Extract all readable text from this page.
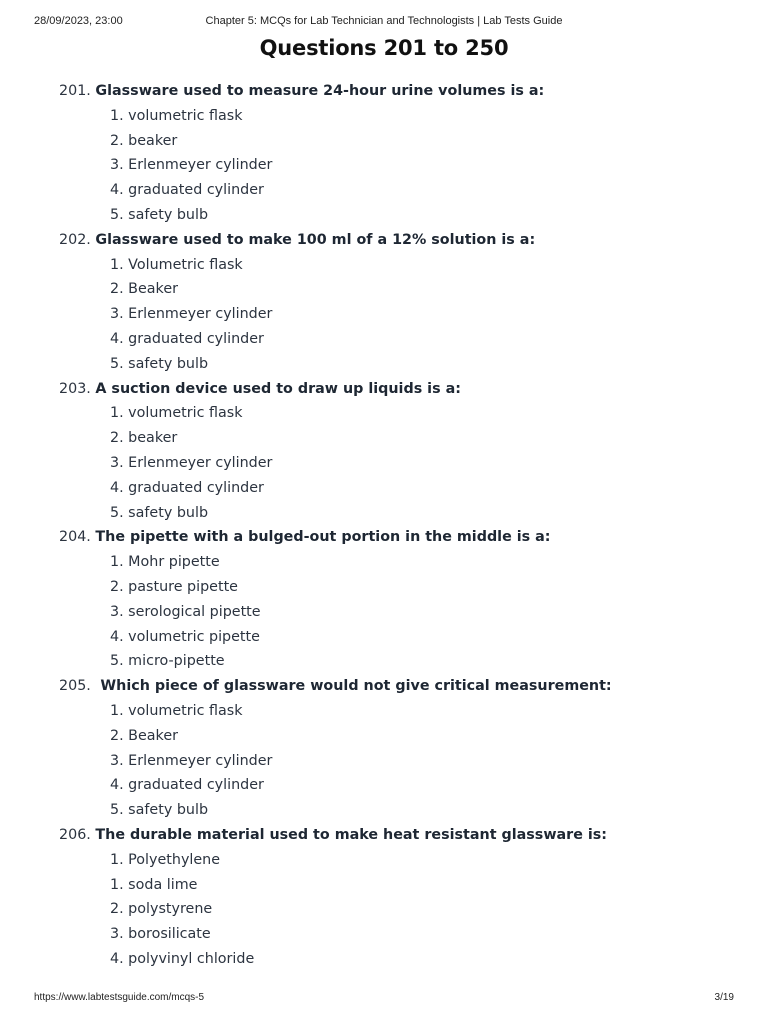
28/09/2023, 23:00	Chapter 5: MCQs for Lab Technician and Technologists | Lab Tests Guide
Questions 201 to 250
201. Glassware used to measure 24-hour urine volumes is a:
1. volumetric flask
2. beaker
3. Erlenmeyer cylinder
4. graduated cylinder
5. safety bulb
202. Glassware used to make 100 ml of a 12% solution is a:
1. Volumetric flask
2. Beaker
3. Erlenmeyer cylinder
4. graduated cylinder
5. safety bulb
203. A suction device used to draw up liquids is a:
1. volumetric flask
2. beaker
3. Erlenmeyer cylinder
4. graduated cylinder
5. safety bulb
204. The pipette with a bulged-out portion in the middle is a:
1. Mohr pipette
2. pasture pipette
3. serological pipette
4. volumetric pipette
5. micro-pipette
205.  Which piece of glassware would not give critical measurement:
1. volumetric flask
2. Beaker
3. Erlenmeyer cylinder
4. graduated cylinder
5. safety bulb
206. The durable material used to make heat resistant glassware is:
1. Polyethylene
1. soda lime
2. polystyrene
3. borosilicate
4. polyvinyl chloride
https://www.labtestsguide.com/mcqs-5	3/19
